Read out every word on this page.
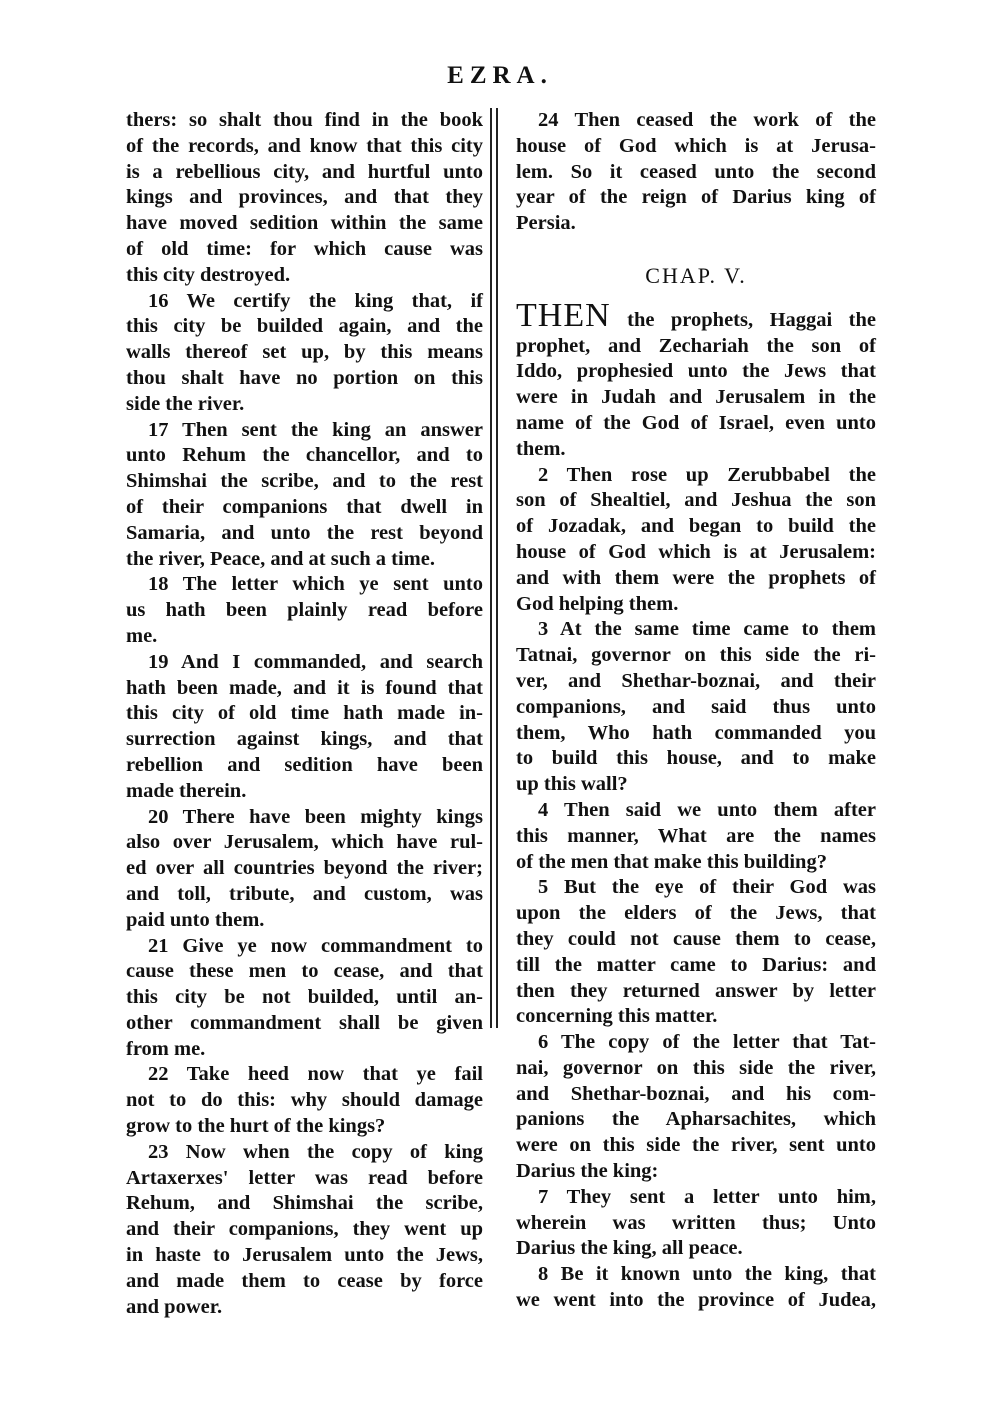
EZRA.
thers: so shalt thou find in the book
of the records, and know that this city
is a rebellious city, and hurtful unto
kings and provinces, and that they
have moved sedition within the same
of old time: for which cause was
this city destroyed.
16 We certify the king that, if
this city be builded again, and the
walls thereof set up, by this means
thou shalt have no portion on this
side the river.
17 Then sent the king an answer
unto Rehum the chancellor, and to
Shimshai the scribe, and to the rest
of their companions that dwell in
Samaria, and unto the rest beyond
the river, Peace, and at such a time.
18 The letter which ye sent unto
us hath been plainly read before
me.
19 And I commanded, and search
hath been made, and it is found that
this city of old time hath made in-
surrection against kings, and that
rebellion and sedition have been
made therein.
20 There have been mighty kings
also over Jerusalem, which have rul-
ed over all countries beyond the river;
and toll, tribute, and custom, was
paid unto them.
21 Give ye now commandment to
cause these men to cease, and that
this city be not builded, until an-
other commandment shall be given
from me.
22 Take heed now that ye fail
not to do this: why should damage
grow to the hurt of the kings?
23 Now when the copy of king
Artaxerxes' letter was read before
Rehum, and Shimshai the scribe,
and their companions, they went up
in haste to Jerusalem unto the Jews,
and made them to cease by force
and power.
24 Then ceased the work of the
house of God which is at Jerusa-
lem. So it ceased unto the second
year of the reign of Darius king of
Persia.
CHAP. V.
THEN the prophets, Haggai the
prophet, and Zechariah the son of
Iddo, prophesied unto the Jews that
were in Judah and Jerusalem in the
name of the God of Israel, even unto
them.
2 Then rose up Zerubbabel the
son of Shealtiel, and Jeshua the son
of Jozadak, and began to build the
house of God which is at Jerusalem:
and with them were the prophets of
God helping them.
3 At the same time came to them
Tatnai, governor on this side the ri-
ver, and Shethar-boznai, and their
companions, and said thus unto
them, Who hath commanded you
to build this house, and to make
up this wall?
4 Then said we unto them after
this manner, What are the names
of the men that make this building?
5 But the eye of their God was
upon the elders of the Jews, that
they could not cause them to cease,
till the matter came to Darius: and
then they returned answer by letter
concerning this matter.
6 The copy of the letter that Tat-
nai, governor on this side the river,
and Shethar-boznai, and his com-
panions the Apharsachites, which
were on this side the river, sent unto
Darius the king:
7 They sent a letter unto him,
wherein was written thus; Unto
Darius the king, all peace.
8 Be it known unto the king, that
we went into the province of Judea,
